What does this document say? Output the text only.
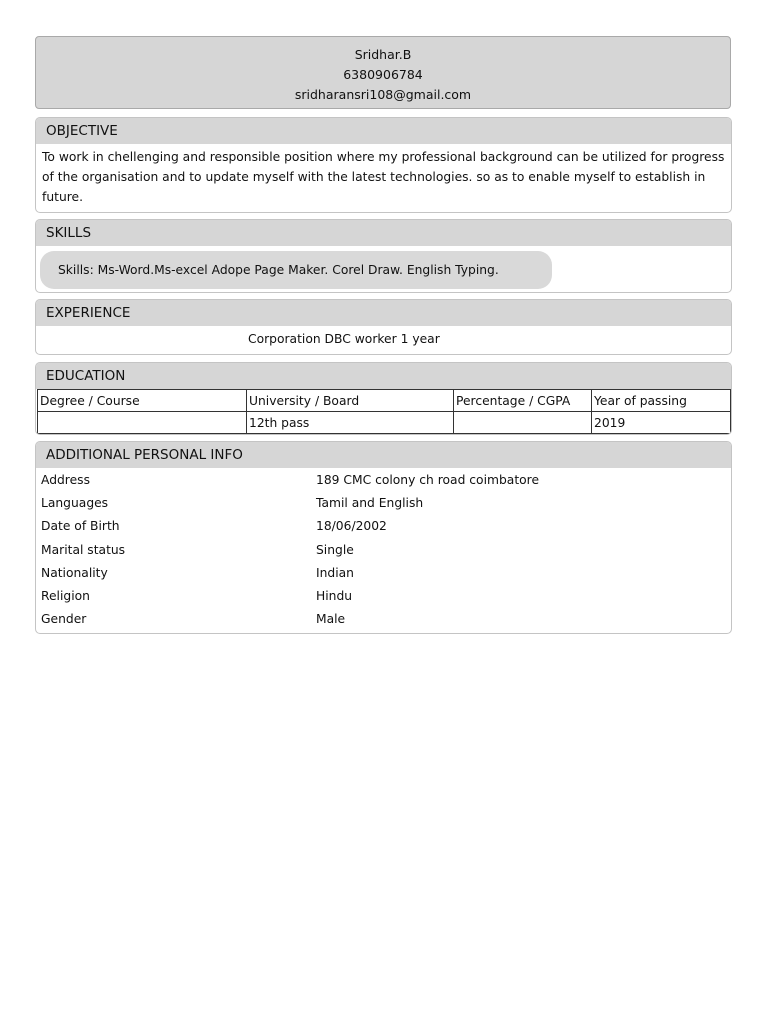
Sridhar.B
6380906784
sridharansri108@gmail.com
OBJECTIVE
To work in chellenging and responsible position where my professional background can be utilized for progress of the organisation and to update myself with the latest technologies. so as to enable myself to establish in future.
SKILLS
Skills: Ms-Word.Ms-excel Adope Page Maker. Corel Draw. English Typing.
EXPERIENCE
Corporation DBC worker 1 year
EDUCATION
Degree / Course	University / Board	Percentage / CGPA	Year of passing
	12th pass		2019
ADDITIONAL PERSONAL INFO
Address	189 CMC colony ch road coimbatore
Languages	Tamil and English
Date of Birth	18/06/2002
Marital status	Single
Nationality	Indian
Religion	Hindu
Gender	Male
